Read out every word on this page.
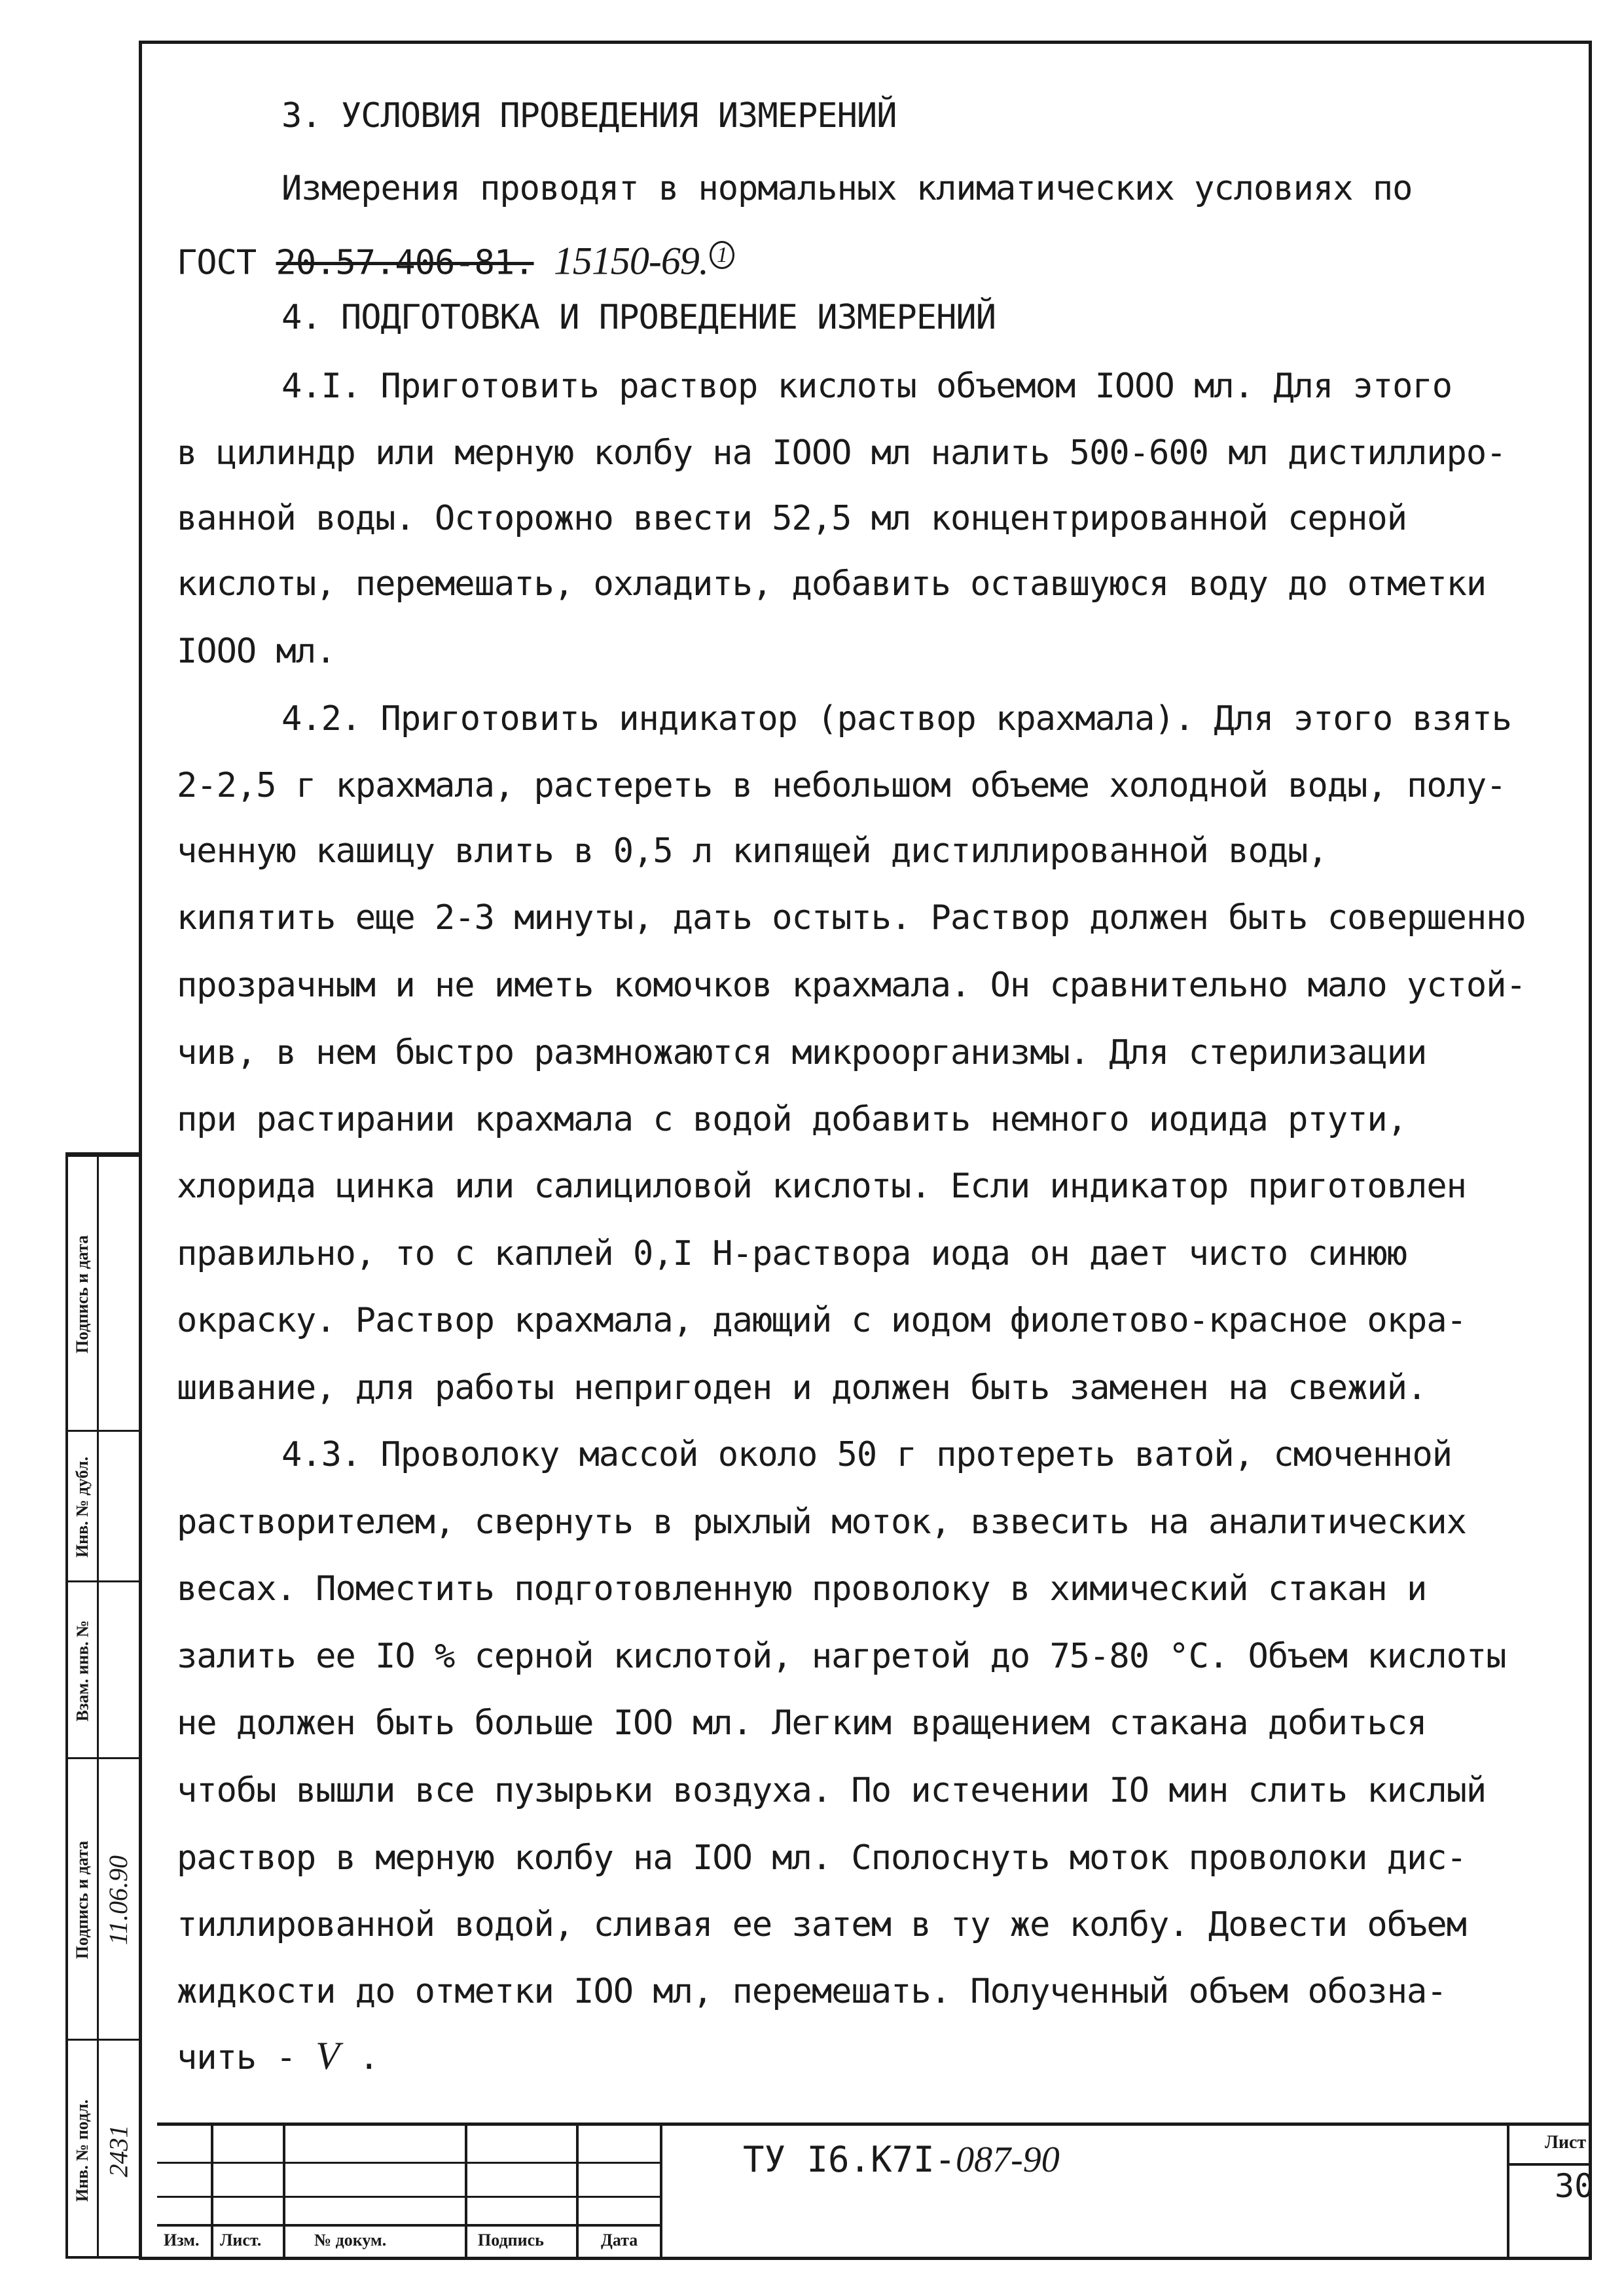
3. УСЛОВИЯ ПРОВЕДЕНИЯ ИЗМЕРЕНИЙ
Измерения проводят в нормальных климатических условиях по
ГОСТ 20.57.406-81. 15150-69. $^1$
4. ПОДГОТОВКА И ПРОВЕДЕНИЕ ИЗМЕРЕНИЙ
4.I. Приготовить раствор кислоты объемом IOOO мл. Для этого
в цилиндр или мерную колбу на IOOO мл налить 500-600 мл дистиллиро-
ванной воды. Осторожно ввести 52,5 мл концентрированной серной
кислоты, перемешать, охладить, добавить оставшуюся воду до отметки
IOOO мл.
4.2. Приготовить индикатор (раствор крахмала). Для этого взять
2-2,5 г крахмала, растереть в небольшом объеме холодной воды, полу-
ченную кашицу влить в 0,5 л кипящей дистиллированной воды,
кипятить еще 2-3 минуты, дать остыть. Раствор должен быть совершенно
прозрачным и не иметь комочков крахмала. Он сравнительно мало устой-
чив, в нем быстро размножаются микроорганизмы. Для стерилизации
при растирании крахмала с водой добавить немного иодида ртути,
хлорида цинка или салициловой кислоты. Если индикатор приготовлен
правильно, то с каплей 0,I Н-раствора иода он дает чисто синюю
окраску. Раствор крахмала, дающий с иодом фиолетово-красное окра-
шивание, для работы непригоден и должен быть заменен на свежий.
4.3. Проволоку массой около 50 г протереть ватой, смоченной
растворителем, свернуть в рыхлый моток, взвесить на аналитических
весах. Поместить подготовленную проволоку в химический стакан и
залить ее IO % серной кислотой, нагретой до 75-80 °С. Объем кислоты
не должен быть больше IOO мл. Легким вращением стакана добиться
чтобы вышли все пузырьки воздуха. По истечении IO мин слить кислый
раствор в мерную колбу на IOO мл. Сполоснуть моток проволоки дис-
тиллированной водой, сливая ее затем в ту же колбу. Довести объем
жидкости до отметки IOO мл, перемешать. Полученный объем обозна-
чить - V .
Подпись и дата
Инв. № дубл.
Взам. инв. №
Подпись и дата 11.06.90
Инв. № подл. 2431
Изм. Лист.	№ докум.	Подпись	Дата
ТУ I6.К7I-087-90	Лист
30
